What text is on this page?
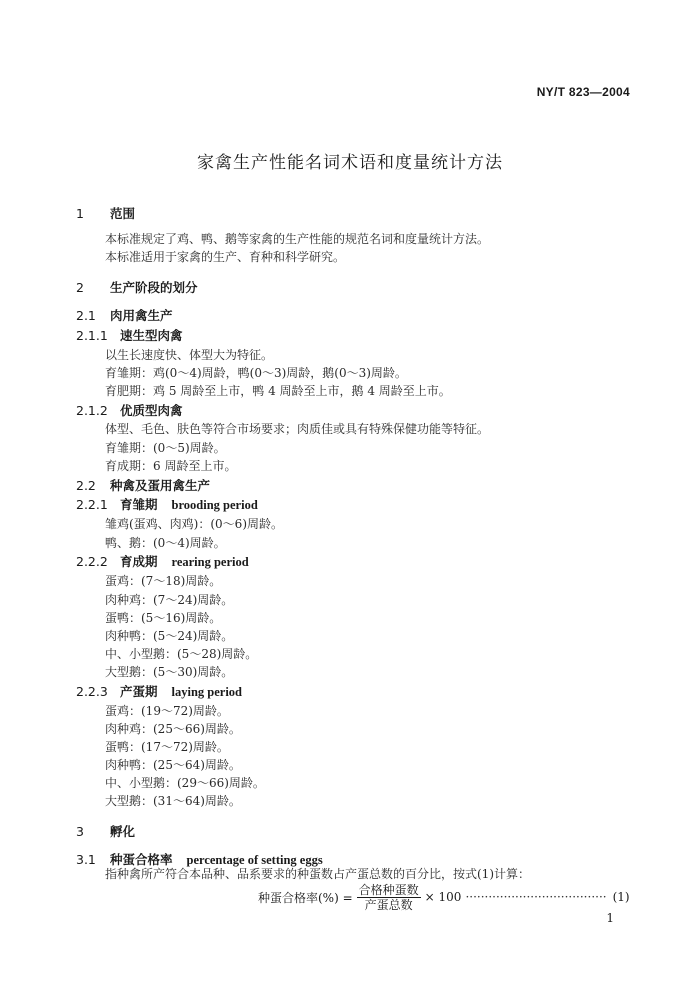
NY/T 823—2004
家禽生产性能名词术语和度量统计方法
1 范围
本标准规定了鸡、鸭、鹅等家禽的生产性能的规范名词和度量统计方法。
本标准适用于家禽的生产、育种和科学研究。
2 生产阶段的划分
2.1 肉用禽生产
2.1.1 速生型肉禽
以生长速度快、体型大为特征。
育雏期：鸡(0～4)周龄，鸭(0～3)周龄，鹅(0～3)周龄。
育肥期：鸡 5 周龄至上市，鸭 4 周龄至上市，鹅 4 周龄至上市。
2.1.2 优质型肉禽
体型、毛色、肤色等符合市场要求；肉质佳或具有特殊保健功能等特征。
育雏期：(0～5)周龄。
育成期：6 周龄至上市。
2.2 种禽及蛋用禽生产
2.2.1 育雏期 brooding period
雏鸡(蛋鸡、肉鸡)：(0～6)周龄。
鸭、鹅：(0～4)周龄。
2.2.2 育成期 rearing period
蛋鸡：(7～18)周龄。
肉种鸡：(7～24)周龄。
蛋鸭：(5～16)周龄。
肉种鸭：(5～24)周龄。
中、小型鹅：(5～28)周龄。
大型鹅：(5～30)周龄。
2.2.3 产蛋期 laying period
蛋鸡：(19～72)周龄。
肉种鸡：(25～66)周龄。
蛋鸭：(17～72)周龄。
肉种鸭：(25～64)周龄。
中、小型鹅：(29～66)周龄。
大型鹅：(31～64)周龄。
3 孵化
3.1 种蛋合格率 percentage of setting eggs
指种禽所产符合本品种、品系要求的种蛋数占产蛋总数的百分比，按式(1)计算：
种蛋合格率(%) = $\frac{\text{合格种蛋数}}{\text{产蛋总数}} \times 100$ ····································· (1)
1
